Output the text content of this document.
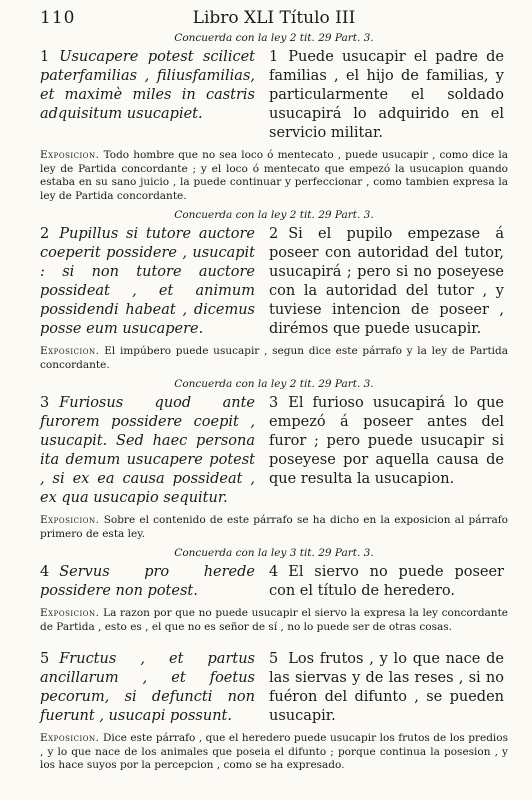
110	Libro XLI Título III
Concuerda con la ley 2 tit. 29 Part. 3.
1 Usucapere potest scilicet paterfamilias , filiusfamilias, et maximè miles in castris adquisitum usucapiet.
1 Puede usucapir el padre de familias , el hijo de familias, y particularmente el soldado usucapirá lo adquirido en el servicio militar.
Exposicion. Todo hombre que no sea loco ó mentecato , puede usucapir , como dice la ley de Partida concordante ; y el loco ó mentecato que empezó la usucapion quando estaba en su sano juicio , la puede continuar y perfeccionar , como tambien expresa la ley de Partida concordante.
Concuerda con la ley 2 tit. 29 Part. 3.
2 Pupillus si tutore auctore coeperit possidere , usucapit : si non tutore auctore possideat , et animum possidendi habeat , dicemus posse eum usucapere.
2 Si el pupilo empezase á poseer con autoridad del tutor, usucapirá ; pero si no poseyese con la autoridad del tutor , y tuviese intencion de poseer , dirémos que puede usucapir.
Exposicion. El impúbero puede usucapir , segun dice este párrafo y la ley de Partida concordante.
Concuerda con la ley 2 tit. 29 Part. 3.
3 Furiosus quod ante furorem possidere coepit , usucapit. Sed haec persona ita demum usucapere potest , si ex ea causa possideat , ex qua usucapio sequitur.
3 El furioso usucapirá lo que empezó á poseer antes del furor ; pero puede usucapir si poseyese por aquella causa de que resulta la usucapion.
Exposicion. Sobre el contenido de este párrafo se ha dicho en la exposicion al párrafo primero de esta ley.
Concuerda con la ley 3 tit. 29 Part. 3.
4 Servus pro herede possidere non potest.
4 El siervo no puede poseer con el título de heredero.
Exposicion. La razon por que no puede usucapir el siervo la expresa la ley concordante de Partida , esto es , el que no es señor de sí , no lo puede ser de otras cosas.
5 Fructus , et partus ancillarum , et foetus pecorum, si defuncti non fuerunt , usucapi possunt.
5 Los frutos , y lo que nace de las siervas y de las reses , si no fuéron del difunto , se pueden usucapir.
Exposicion. Dice este párrafo , que el heredero puede usucapir los frutos de los predios , y lo que nace de los animales que poseia el difunto ; porque continua la posesion , y los hace suyos por la percepcion , como se ha expresado.
